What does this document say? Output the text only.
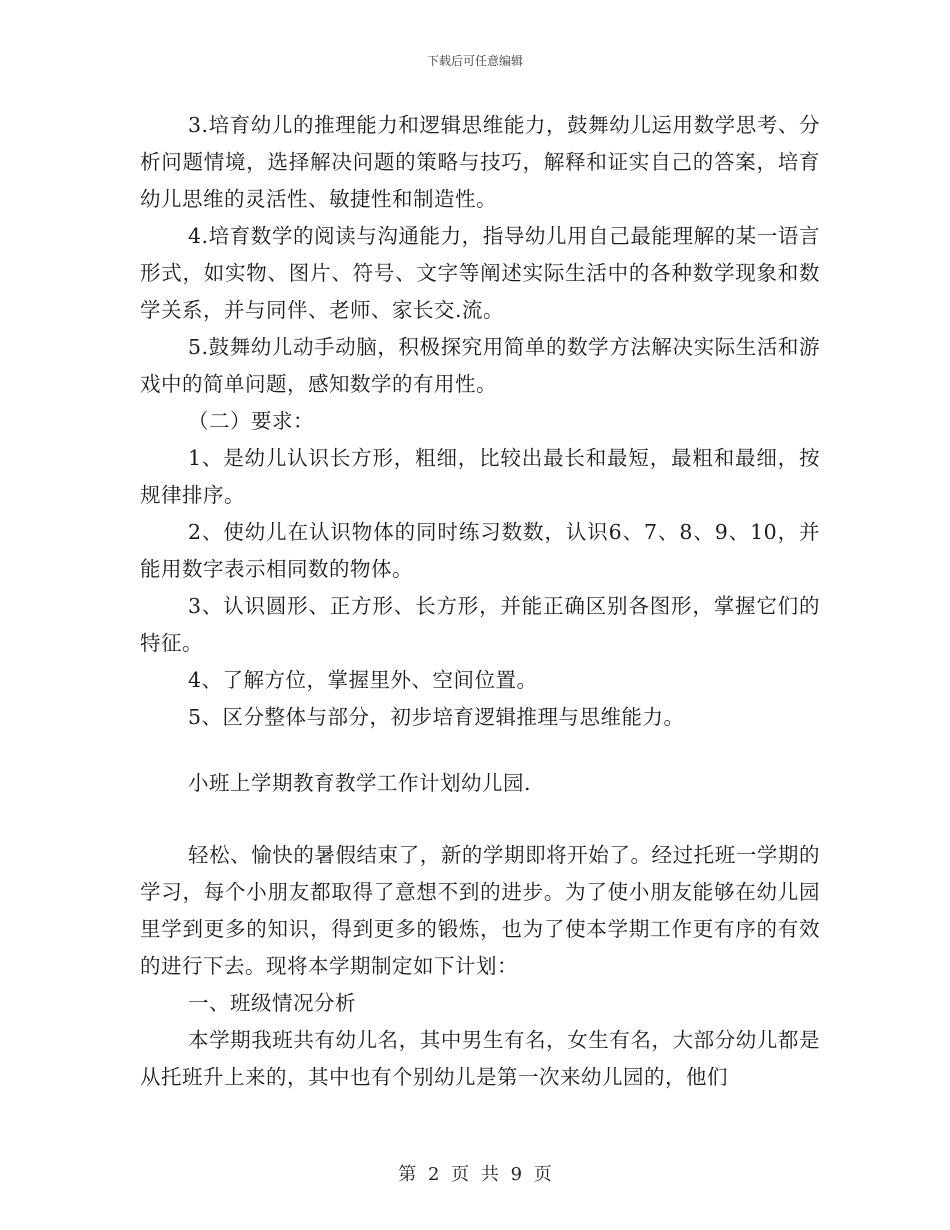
下载后可任意编辑

3.培育幼儿的推理能力和逻辑思维能力，鼓舞幼儿运用数学思考、分析问题情境，选择解决问题的策略与技巧，解释和证实自己的答案，培育幼儿思维的灵活性、敏捷性和制造性。

4.培育数学的阅读与沟通能力，指导幼儿用自己最能理解的某一语言形式，如实物、图片、符号、文字等阐述实际生活中的各种数学现象和数学关系，并与同伴、老师、家长交.流。

5.鼓舞幼儿动手动脑，积极探究用简单的数学方法解决实际生活和游戏中的简单问题，感知数学的有用性。

（二）要求：

1、是幼儿认识长方形，粗细，比较出最长和最短，最粗和最细，按规律排序。

2、使幼儿在认识物体的同时练习数数，认识6、7、8、9、10，并能用数字表示相同数的物体。

3、认识圆形、正方形、长方形，并能正确区别各图形，掌握它们的特征。

4、了解方位，掌握里外、空间位置。

5、区分整体与部分，初步培育逻辑推理与思维能力。

小班上学期教育教学工作计划幼儿园.

轻松、愉快的暑假结束了，新的学期即将开始了。经过托班一学期的学习，每个小朋友都取得了意想不到的进步。为了使小朋友能够在幼儿园里学到更多的知识，得到更多的锻炼，也为了使本学期工作更有序的有效的进行下去。现将本学期制定如下计划：

一、班级情况分析

本学期我班共有幼儿名，其中男生有名，女生有名，大部分幼儿都是从托班升上来的，其中也有个别幼儿是第一次来幼儿园的，他们

第 2 页 共 9 页
